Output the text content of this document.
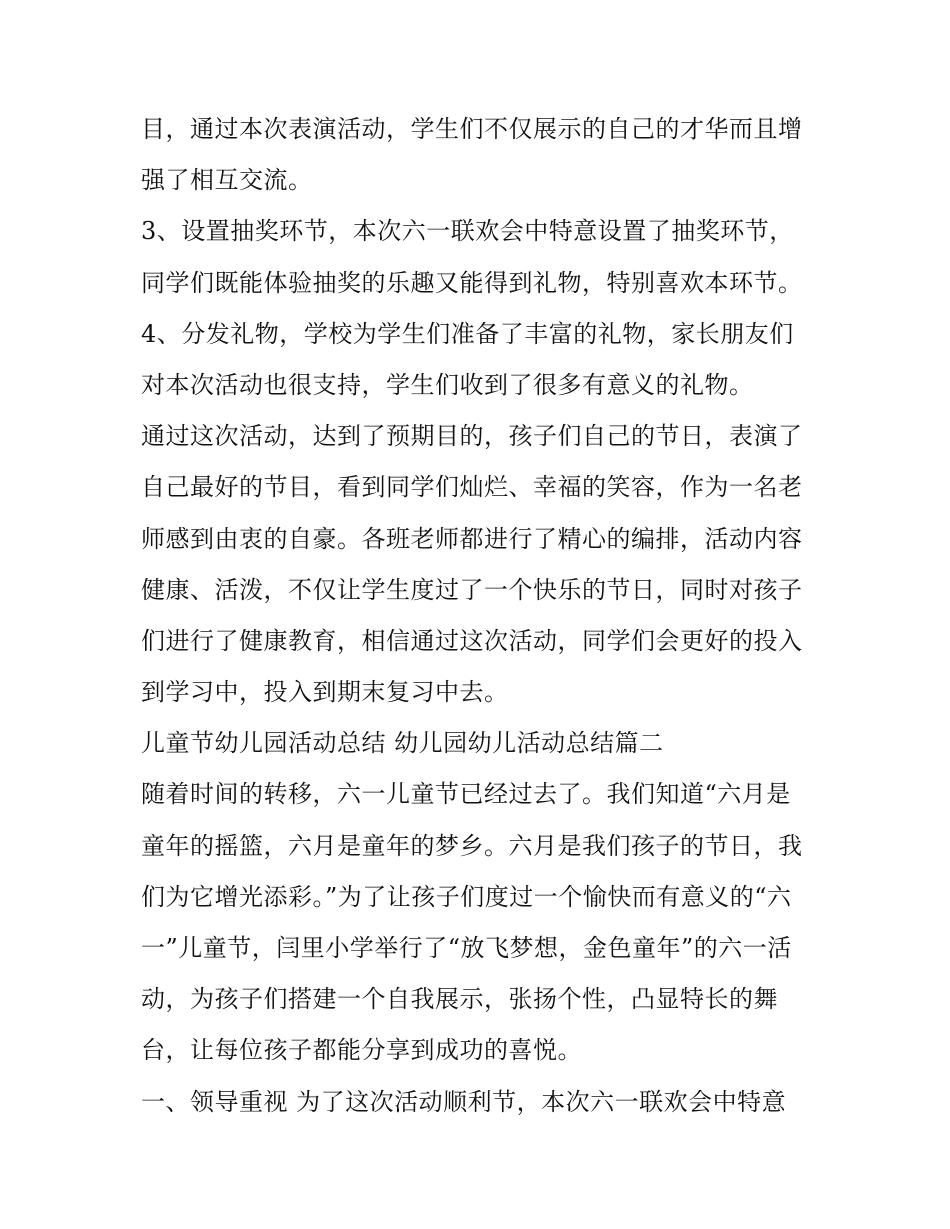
目，通过本次表演活动，学生们不仅展示的自己的才华而且增
强了相互交流。
3、设置抽奖环节，本次六一联欢会中特意设置了抽奖环节，
同学们既能体验抽奖的乐趣又能得到礼物，特别喜欢本环节。
4、分发礼物，学校为学生们准备了丰富的礼物，家长朋友们
对本次活动也很支持，学生们收到了很多有意义的礼物。
通过这次活动，达到了预期目的，孩子们自己的节日，表演了
自己最好的节目，看到同学们灿烂、幸福的笑容，作为一名老
师感到由衷的自豪。各班老师都进行了精心的编排，活动内容
健康、活泼，不仅让学生度过了一个快乐的节日，同时对孩子
们进行了健康教育，相信通过这次活动，同学们会更好的投入
到学习中，投入到期末复习中去。
儿童节幼儿园活动总结 幼儿园幼儿活动总结篇二
随着时间的转移，六一儿童节已经过去了。我们知道“六月是
童年的摇篮，六月是童年的梦乡。六月是我们孩子的节日，我
们为它增光添彩。”为了让孩子们度过一个愉快而有意义的“六
一”儿童节，闫里小学举行了“放飞梦想，金色童年”的六一活
动，为孩子们搭建一个自我展示，张扬个性，凸显特长的舞
台，让每位孩子都能分享到成功的喜悦。
一、领导重视 为了这次活动顺利节，本次六一联欢会中特意
